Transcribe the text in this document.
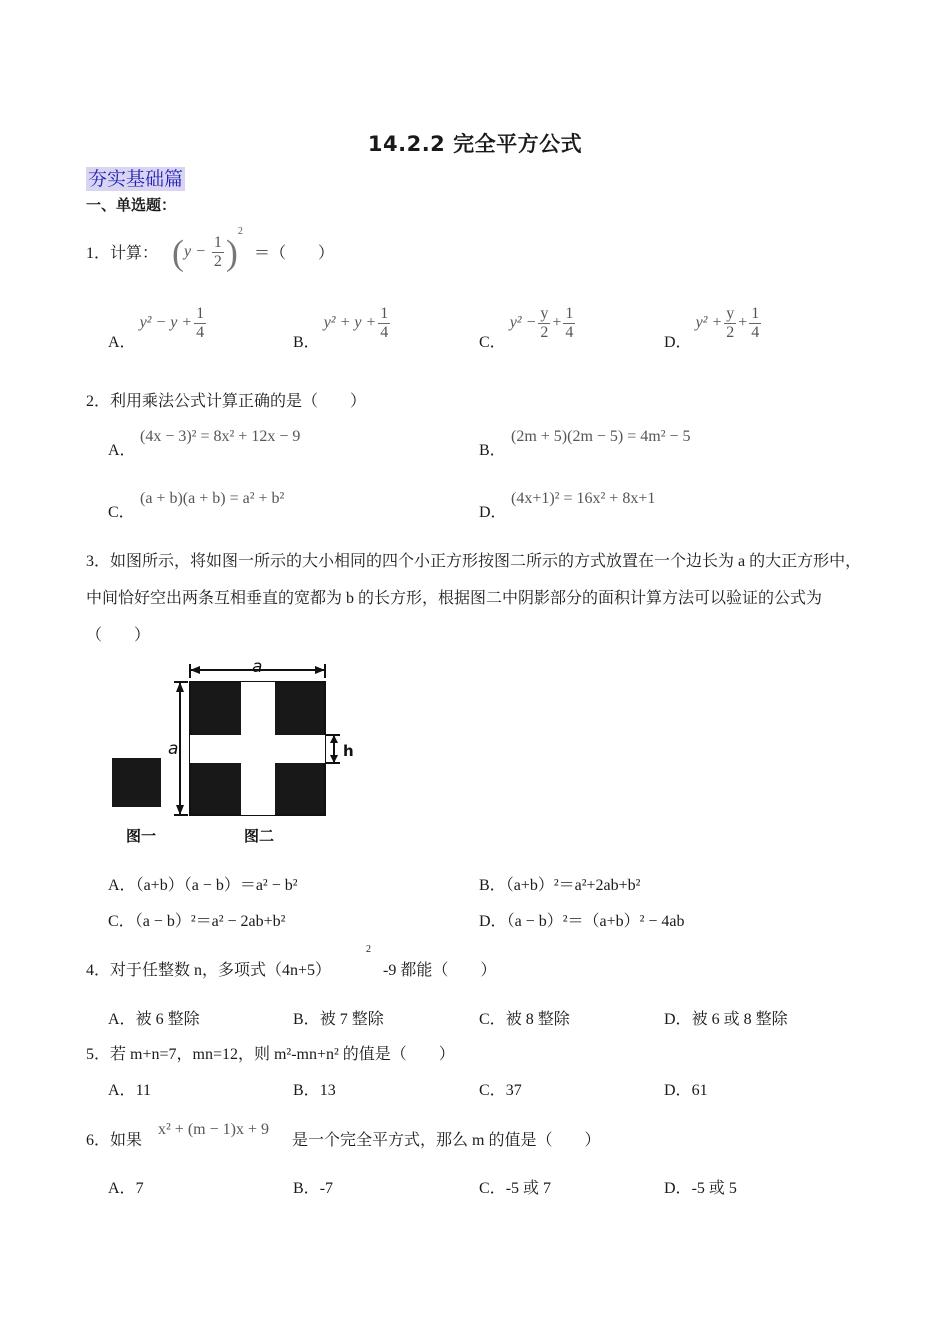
14.2.2 完全平方公式
夯实基础篇
一、单选题：
1．计算： $(y - \frac{1}{2} )^2$
＝（　　）
A． $y^2 - y + \frac{1}{4}$
B． $y^2 + y + \frac{1}{4}$
C． $y^2 - \frac{y}{2} + \frac{1}{4}$
D． $y^2 + \frac{y}{2} + \frac{1}{4}$
2．利用乘法公式计算正确的是（　　）
A．
(4x − 3)² = 8x² + 12x − 9
B．
(2m + 5)(2m − 5) = 4m² − 5
C．
(a + b)(a + b) = a² + b²
D．
(4x+1)² = 16x² + 8x+1
3．如图所示，将如图一所示的大小相同的四个小正方形按图二所示的方式放置在一个边长为 a 的大正方形中，中间恰好空出两条互相垂直的宽都为 b 的长方形，根据图二中阴影部分的面积计算方法可以验证的公式为（　　）
a
a	h
图一	图二
A．（a+b）（a − b）＝a² − b²	B．（a+b）²＝a²+2ab+b²
C．（a − b）²＝a² − 2ab+b²	D．（a − b）²＝（a+b）² − 4ab
4．对于任整数 n，多项式（4n+5）
2
-9 都能（　　）
A．被 6 整除	B．被 7 整除	C．被 8 整除	D．被 6 或 8 整除
5．若 m+n=7，mn=12，则 m²-mn+n² 的值是（　　）
A．11	B．13	C．37	D．61
6．如果
x² + (m − 1)x + 9
是一个完全平方式，那么 m 的值是（　　）
A．7	B．-7	C．-5 或 7	D．-5 或 5
